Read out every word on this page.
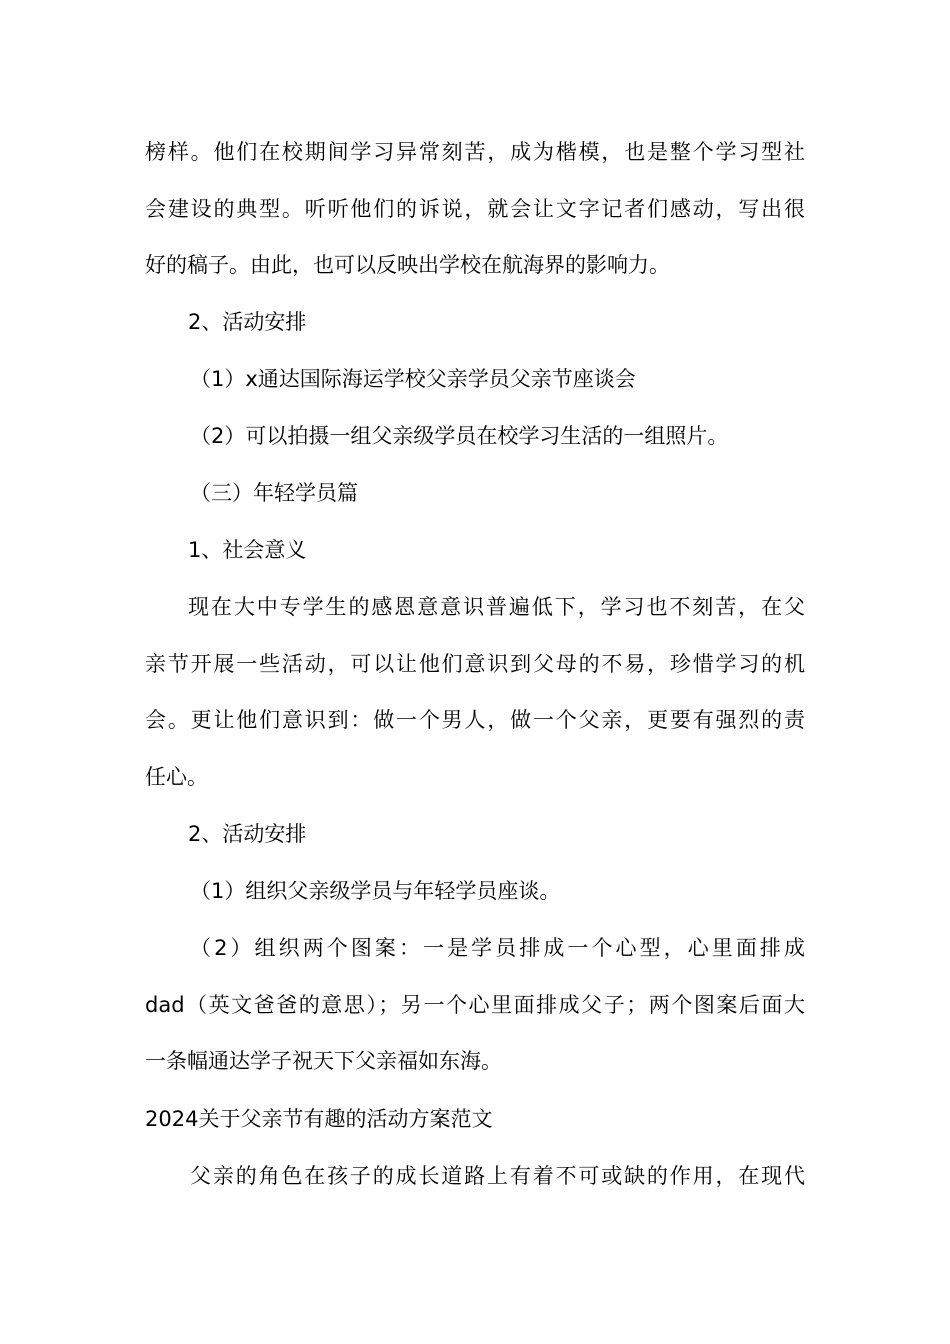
榜样。他们在校期间学习异常刻苦，成为楷模，也是整个学习型社
会建设的典型。听听他们的诉说，就会让文字记者们感动，写出很
好的稿子。由此，也可以反映出学校在航海界的影响力。
2、活动安排
（1）x通达国际海运学校父亲学员父亲节座谈会
（2）可以拍摄一组父亲级学员在校学习生活的一组照片。
（三）年轻学员篇
1、社会意义
现在大中专学生的感恩意意识普遍低下，学习也不刻苦，在父
亲节开展一些活动，可以让他们意识到父母的不易，珍惜学习的机
会。更让他们意识到：做一个男人，做一个父亲，更要有强烈的责
任心。
2、活动安排
（1）组织父亲级学员与年轻学员座谈。
（2）组织两个图案：一是学员排成一个心型，心里面排成
dad（英文爸爸的意思）；另一个心里面排成父子；两个图案后面大
一条幅通达学子祝天下父亲福如东海。
2024关于父亲节有趣的活动方案范文
父亲的角色在孩子的成长道路上有着不可或缺的作用，在现代
